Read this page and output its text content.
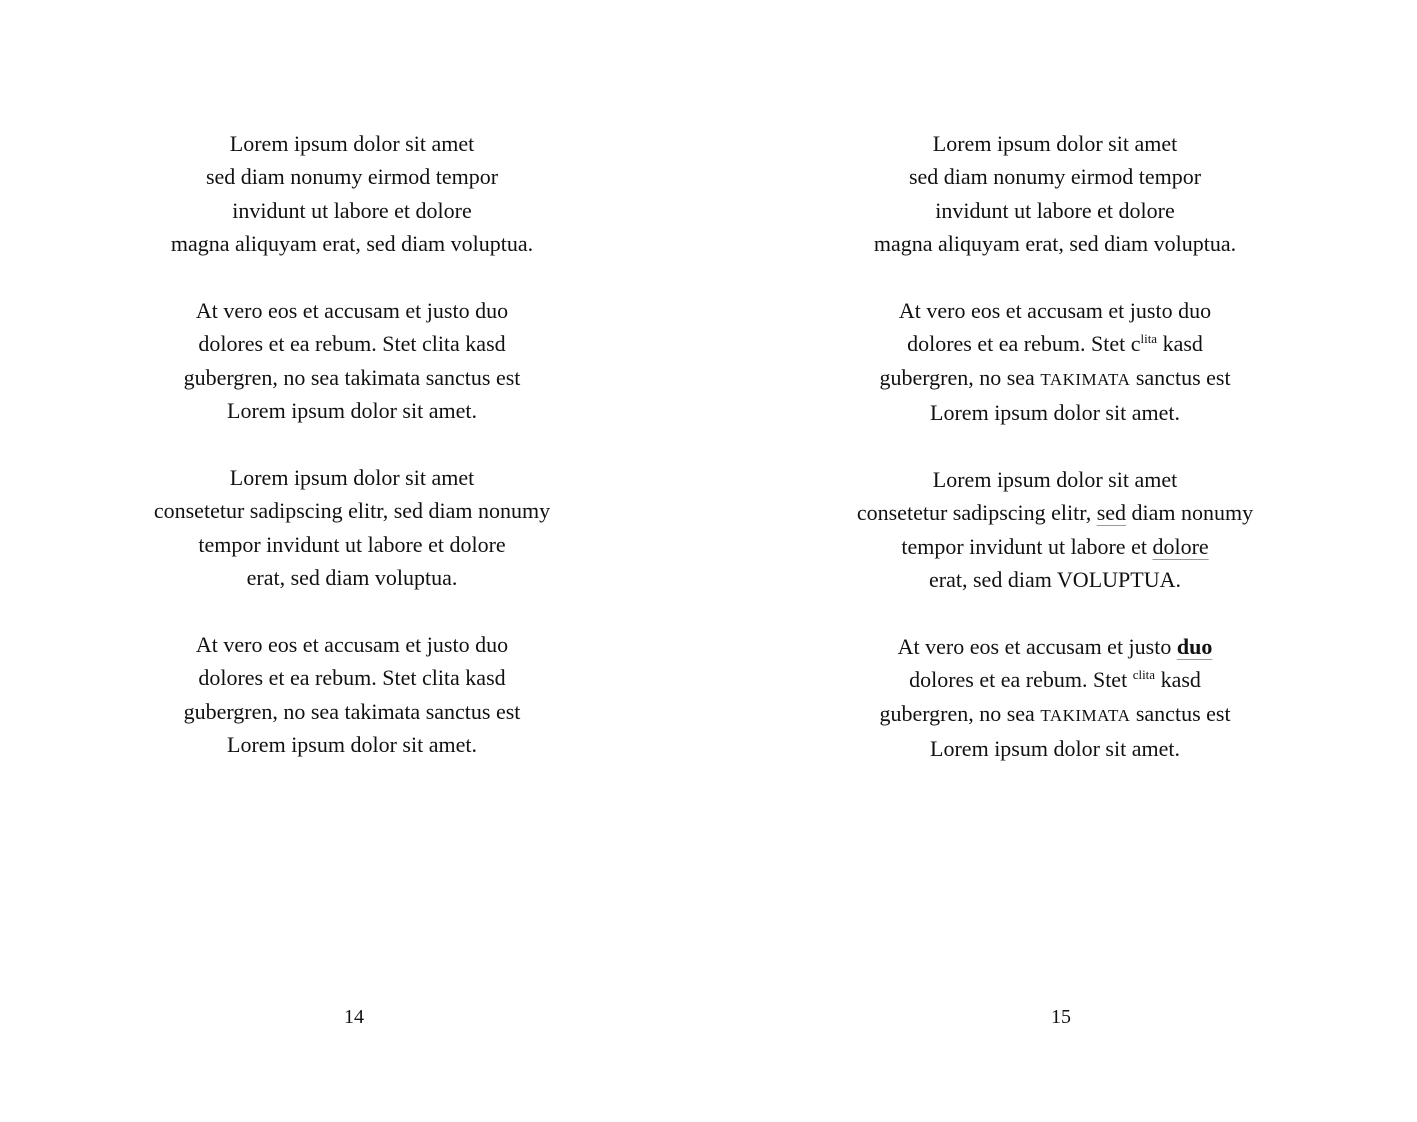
Lorem ipsum dolor sit amet
sed diam nonumy eirmod tempor
invidunt ut labore et dolore
magna aliquyam erat, sed diam voluptua.
At vero eos et accusam et justo duo
dolores et ea rebum. Stet clita kasd
gubergren, no sea takimata sanctus est
Lorem ipsum dolor sit amet.
Lorem ipsum dolor sit amet
consetetur sadipscing elitr, sed diam nonumy
tempor invidunt ut labore et dolore
erat, sed diam voluptua.
At vero eos et accusam et justo duo
dolores et ea rebum. Stet clita kasd
gubergren, no sea takimata sanctus est
Lorem ipsum dolor sit amet.
14
Lorem ipsum dolor sit amet
sed diam nonumy eirmod tempor
invidunt ut labore et dolore
magna aliquyam erat, sed diam voluptua.
At vero eos et accusam et justo duo
dolores et ea rebum. Stet $c^{lita}$ kasd
gubergren, no sea TAKIMATA sanctus est
Lorem ipsum dolor sit amet.
Lorem ipsum dolor sit amet
consetetur sadipscing elitr, sed diam nonumy
tempor invidunt ut labore et dolore
erat, sed diam VOLUPTUA.
At vero eos et accusam et justo duo
dolores et ea rebum. Stet $^{clita}$ kasd
gubergren, no sea TAKIMATA sanctus est
Lorem ipsum dolor sit amet.
15
